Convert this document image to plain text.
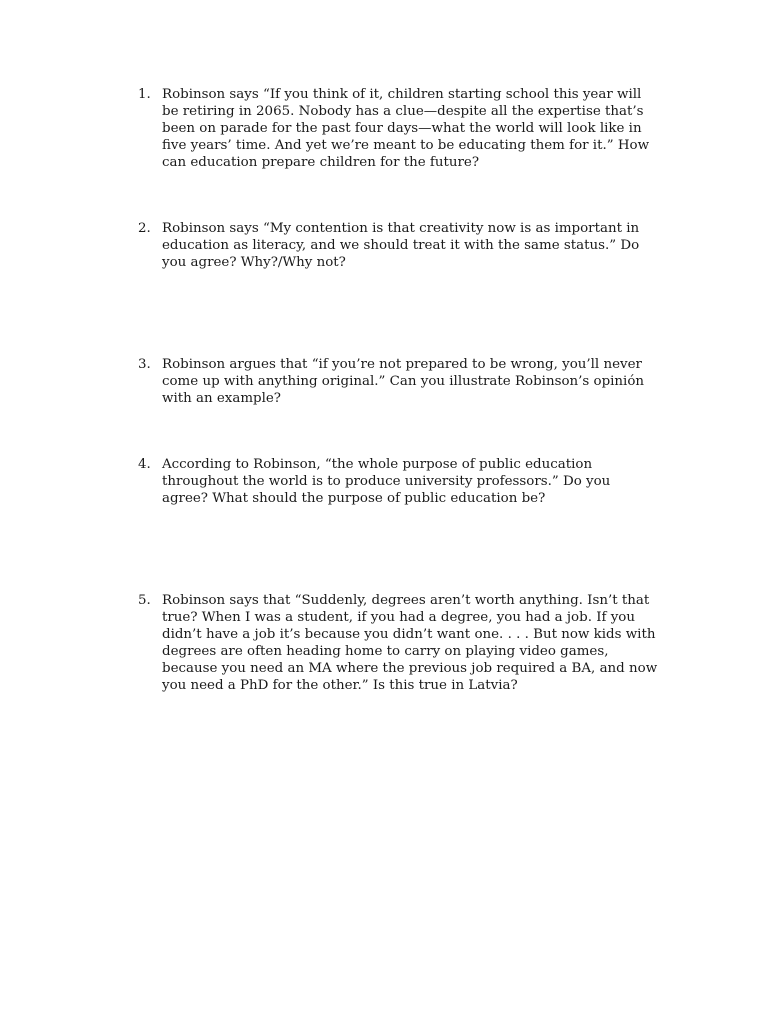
1. Robinson says “If you think of it, children starting school this year will be retiring in 2065. Nobody has a clue—despite all the expertise that’s been on parade for the past four days—what the world will look like in five years’ time. And yet we’re meant to be educating them for it.” How can education prepare children for the future?
2. Robinson says “My contention is that creativity now is as important in education as literacy, and we should treat it with the same status.” Do you agree? Why?/Why not?
3. Robinson argues that “if you’re not prepared to be wrong, you’ll never come up with anything original.” Can you illustrate Robinson’s opinión with an example?
4. According to Robinson, “the whole purpose of public education throughout the world is to produce university professors.” Do you agree? What should the purpose of public education be?
5. Robinson says that “Suddenly, degrees aren’t worth anything. Isn’t that true? When I was a student, if you had a degree, you had a job. If you didn’t have a job it’s because you didn’t want one. . . . But now kids with degrees are often heading home to carry on playing video games, because you need an MA where the previous job required a BA, and now you need a PhD for the other.” Is this true in Latvia?
